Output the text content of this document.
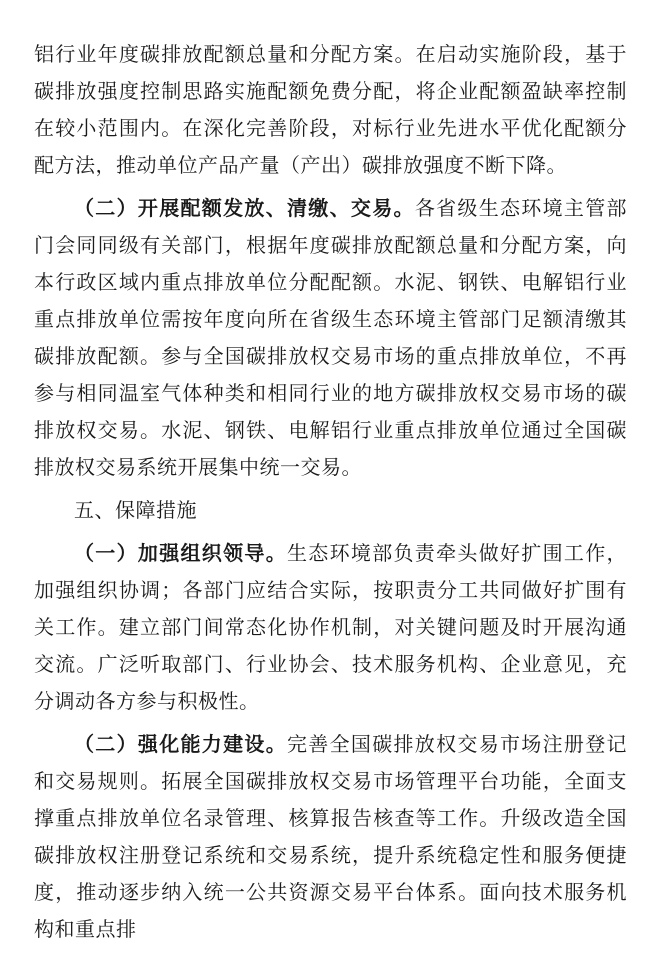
铝行业年度碳排放配额总量和分配方案。在启动实施阶段，基于碳排放强度控制思路实施配额免费分配，将企业配额盈缺率控制在较小范围内。在深化完善阶段，对标行业先进水平优化配额分配方法，推动单位产品产量（产出）碳排放强度不断下降。

（二）开展配额发放、清缴、交易。各省级生态环境主管部门会同同级有关部门，根据年度碳排放配额总量和分配方案，向本行政区域内重点排放单位分配配额。水泥、钢铁、电解铝行业重点排放单位需按年度向所在省级生态环境主管部门足额清缴其碳排放配额。参与全国碳排放权交易市场的重点排放单位，不再参与相同温室气体种类和相同行业的地方碳排放权交易市场的碳排放权交易。水泥、钢铁、电解铝行业重点排放单位通过全国碳排放权交易系统开展集中统一交易。

五、保障措施

（一）加强组织领导。生态环境部负责牵头做好扩围工作，加强组织协调；各部门应结合实际，按职责分工共同做好扩围有关工作。建立部门间常态化协作机制，对关键问题及时开展沟通交流。广泛听取部门、行业协会、技术服务机构、企业意见，充分调动各方参与积极性。

（二）强化能力建设。完善全国碳排放权交易市场注册登记和交易规则。拓展全国碳排放权交易市场管理平台功能，全面支撑重点排放单位名录管理、核算报告核查等工作。升级改造全国碳排放权注册登记系统和交易系统，提升系统稳定性和服务便捷度，推动逐步纳入统一公共资源交易平台体系。面向技术服务机构和重点排
